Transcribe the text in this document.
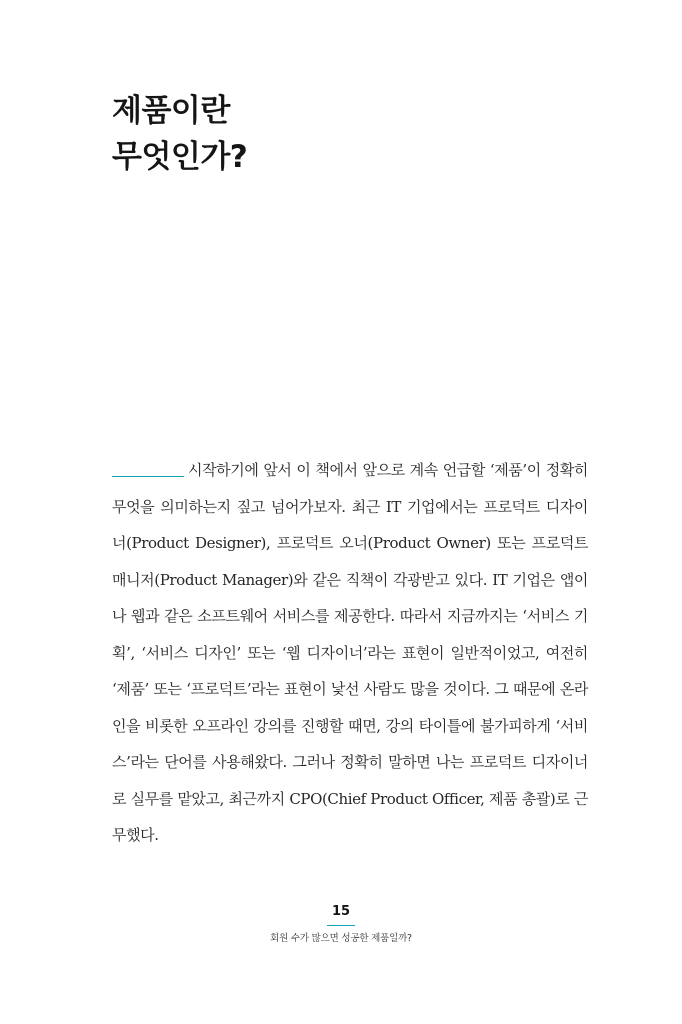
제품이란
무엇인가?

시작하기에 앞서 이 책에서 앞으로 계속 언급할 ‘제품’이 정확히 무엇을 의미하는지 짚고 넘어가보자. 최근 IT 기업에서는 프로덕트 디자이너(Product Designer), 프로덕트 오너(Product Owner) 또는 프로덕트 매니저(Product Manager)와 같은 직책이 각광받고 있다. IT 기업은 앱이나 웹과 같은 소프트웨어 서비스를 제공한다. 따라서 지금까지는 ‘서비스 기획’, ‘서비스 디자인’ 또는 ‘웹 디자이너’라는 표현이 일반적이었고, 여전히 ‘제품’ 또는 ‘프로덕트’라는 표현이 낯선 사람도 많을 것이다. 그 때문에 온라인을 비롯한 오프라인 강의를 진행할 때면, 강의 타이틀에 불가피하게 ‘서비스’라는 단어를 사용해왔다. 그러나 정확히 말하면 나는 프로덕트 디자이너로 실무를 맡았고, 최근까지 CPO(Chief Product Officer, 제품 총괄)로 근무했다.

15
회원 수가 많으면 성공한 제품일까?
